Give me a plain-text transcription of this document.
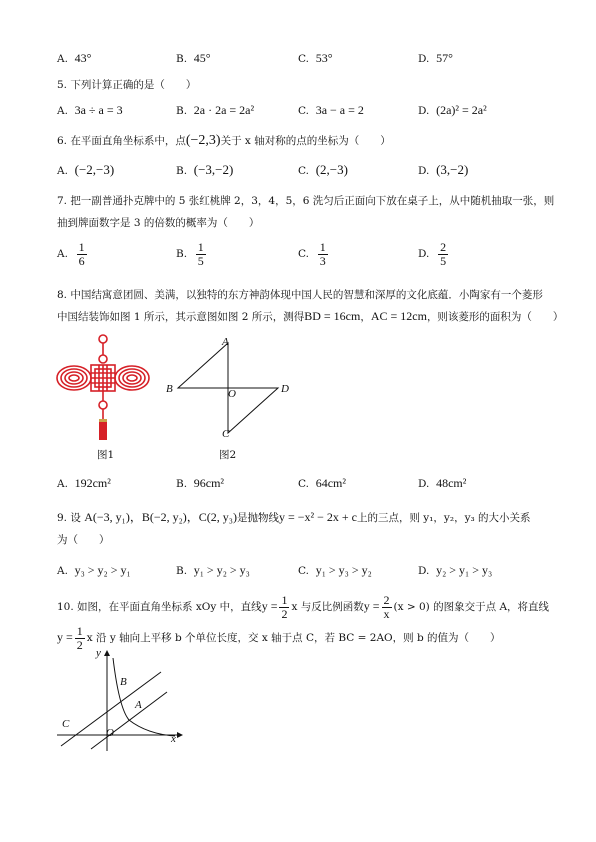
A. 43°	B. 45°	C. 53°	D. 57°
5. 下列计算正确的是（　　）
A. 3a ÷ a = 3	B. 2a · 2a = 2a²	C. 3a − a = 2	D. (2a)² = 2a²
6. 在平面直角坐标系中，点(−2,3)关于 x 轴对称的点的坐标为（　　）
A. (−2,−3)	B. (−3,−2)	C. (2,−3)	D. (3,−2)
7. 把一副普通扑克牌中的 5 张红桃牌 2，3，4，5，6 洗匀后正面向下放在桌子上，从中随机抽取一张，则
抽到牌面数字是 3 的倍数的概率为（　　）
A. $\frac{1}{6}$	B. $\frac{1}{5}$	C. $\frac{1}{3}$	D. $\frac{2}{5}$
8. 中国结寓意团圆、美满，以独特的东方神韵体现中国人民的智慧和深厚的文化底蕴．小陶家有一个菱形
中国结装饰如图 1 所示，其示意图如图 2 所示，测得BD = 16cm，AC = 12cm，则该菱形的面积为（　　）
图1
A
B	D
O
C
图2
A. 192cm²	B. 96cm²	C. 64cm²	D. 48cm²
9. 设 A(−3, y₁)，B(−2, y₂)，C(2, y₃)是抛物线y = −x² − 2x + c上的三点，则 y₁，y₂，y₃ 的大小关系
为（　　）
A. y₃ > y₂ > y₁	B. y₁ > y₂ > y₃	C. y₁ > y₃ > y₂	D. y₂ > y₁ > y₃
10. 如图，在平面直角坐标系 xOy 中，直线$y = \frac{1}{2}$ x 与反比例函数$y = \frac{2}{x} (x > 0)$ 的图象交于点 A，将直线
$y = \frac{1}{2}$ x 沿 y 轴向上平移 b 个单位长度，交 x 轴于点 C，若 BC = 2AO，则 b 的值为（　　）
y
x
O
B
A
C
